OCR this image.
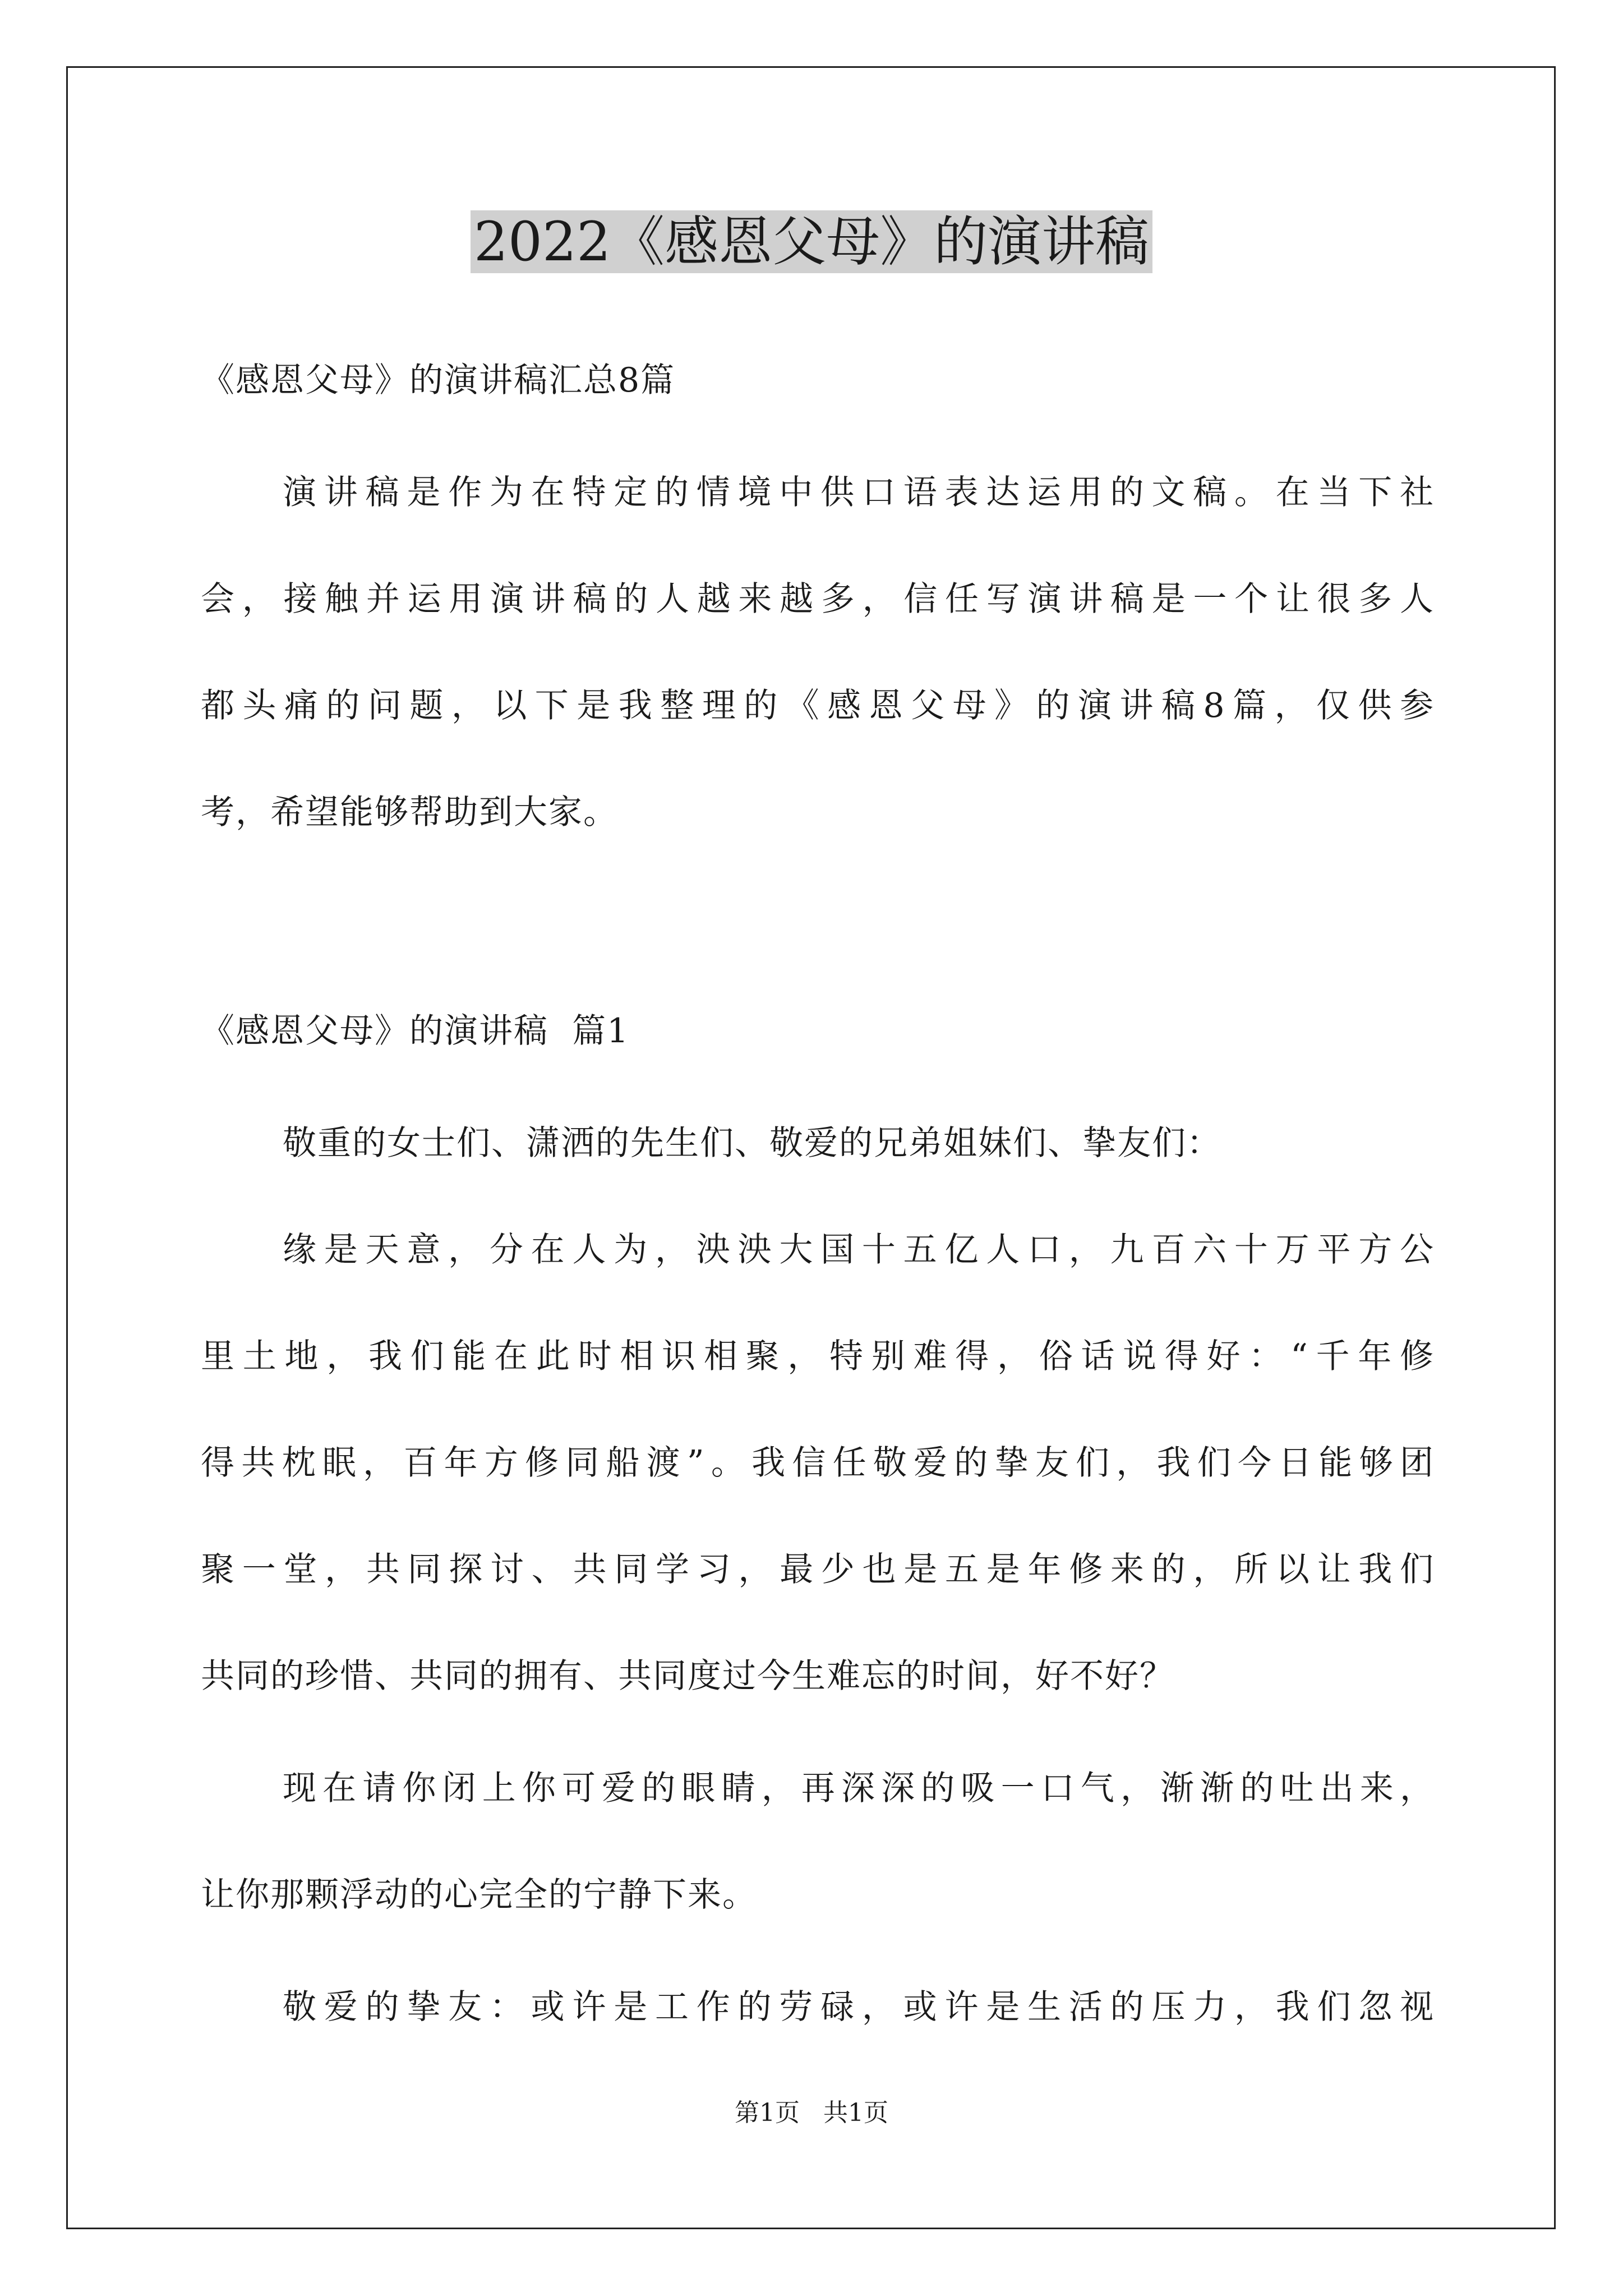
2022《感恩父母》的演讲稿
《感恩父母》的演讲稿汇总8篇
演讲稿是作为在特定的情境中供口语表达运用的文稿。在当下社
会，接触并运用演讲稿的人越来越多，信任写演讲稿是一个让很多人
都头痛的问题，以下是我整理的《感恩父母》的演讲稿8篇，仅供参
考，希望能够帮助到大家。
《感恩父母》的演讲稿  篇1
敬重的女士们、潇洒的先生们、敬爱的兄弟姐妹们、挚友们：
缘是天意，分在人为，泱泱大国十五亿人口，九百六十万平方公
里土地，我们能在此时相识相聚，特别难得，俗话说得好：“千年修
得共枕眠，百年方修同船渡”。我信任敬爱的挚友们，我们今日能够团
聚一堂，共同探讨、共同学习，最少也是五是年修来的，所以让我们
共同的珍惜、共同的拥有、共同度过今生难忘的时间，好不好？
现在请你闭上你可爱的眼睛，再深深的吸一口气，渐渐的吐出来，
让你那颗浮动的心完全的宁静下来。
敬爱的挚友：或许是工作的劳碌，或许是生活的压力，我们忽视
第1页   共1页
